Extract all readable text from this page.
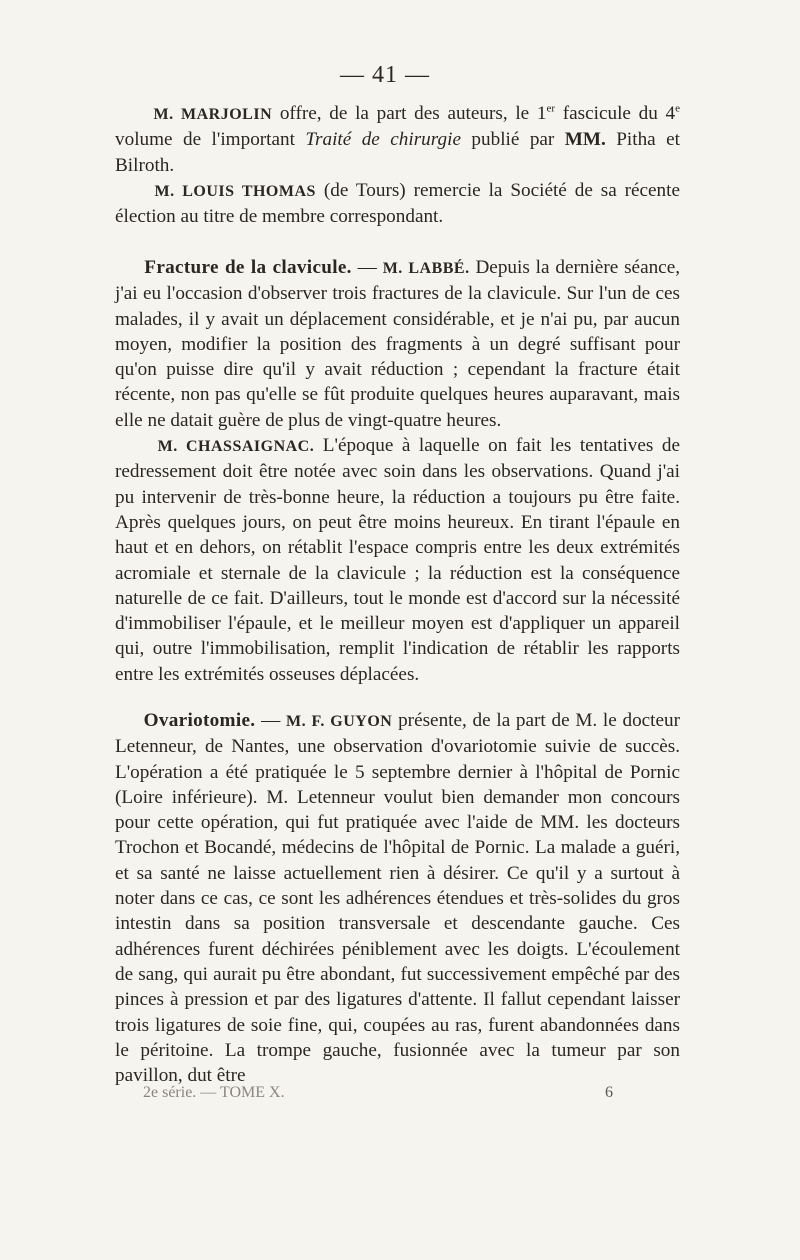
— 41 —

M. MARJOLIN offre, de la part des auteurs, le 1er fascicule du 4e volume de l'important Traité de chirurgie publié par MM. Pitha et Bilroth.

M. LOUIS THOMAS (de Tours) remercie la Société de sa récente élection au titre de membre correspondant.

Fracture de la clavicule. — M. LABBÉ. Depuis la dernière séance, j'ai eu l'occasion d'observer trois fractures de la clavicule. Sur l'un de ces malades, il y avait un déplacement considérable, et je n'ai pu, par aucun moyen, modifier la position des fragments à un degré suffisant pour qu'on puisse dire qu'il y avait réduction ; cependant la fracture était récente, non pas qu'elle se fût produite quelques heures auparavant, mais elle ne datait guère de plus de vingt-quatre heures.

M. CHASSAIGNAC. L'époque à laquelle on fait les tentatives de redressement doit être notée avec soin dans les observations. Quand j'ai pu intervenir de très-bonne heure, la réduction a toujours pu être faite. Après quelques jours, on peut être moins heureux. En tirant l'épaule en haut et en dehors, on rétablit l'espace compris entre les deux extrémités acromiale et sternale de la clavicule ; la réduction est la conséquence naturelle de ce fait. D'ailleurs, tout le monde est d'accord sur la nécessité d'immobiliser l'épaule, et le meilleur moyen est d'appliquer un appareil qui, outre l'immobilisation, remplit l'indication de rétablir les rapports entre les extrémités osseuses déplacées.

Ovariotomie. — M. F. GUYON présente, de la part de M. le docteur Letenneur, de Nantes, une observation d'ovariotomie suivie de succès. L'opération a été pratiquée le 5 septembre dernier à l'hôpital de Pornic (Loire inférieure). M. Letenneur voulut bien demander mon concours pour cette opération, qui fut pratiquée avec l'aide de MM. les docteurs Trochon et Bocandé, médecins de l'hôpital de Pornic. La malade a guéri, et sa santé ne laisse actuellement rien à désirer. Ce qu'il y a surtout à noter dans ce cas, ce sont les adhérences étendues et très-solides du gros intestin dans sa position transversale et descendante gauche. Ces adhérences furent déchirées péniblement avec les doigts. L'écoulement de sang, qui aurait pu être abondant, fut successivement empêché par des pinces à pression et par des ligatures d'attente. Il fallut cependant laisser trois ligatures de soie fine, qui, coupées au ras, furent abandonnées dans le péritoine. La trompe gauche, fusionnée avec la tumeur par son pavillon, dut être

2e série. — TOME X.	6
